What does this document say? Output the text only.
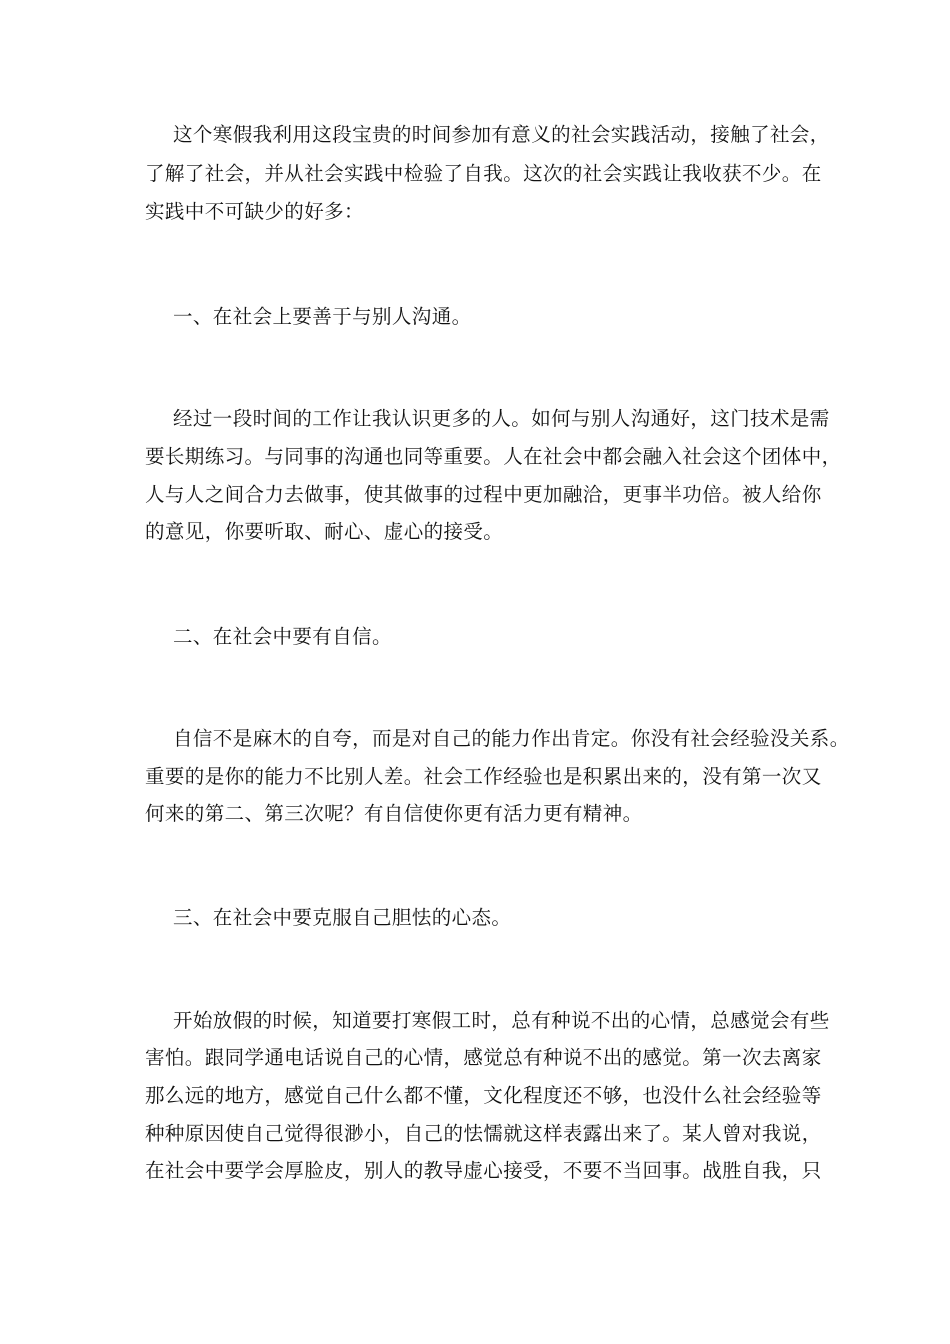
这个寒假我利用这段宝贵的时间参加有意义的社会实践活动，接触了社会，
了解了社会，并从社会实践中检验了自我。这次的社会实践让我收获不少。在
实践中不可缺少的好多：
一、在社会上要善于与别人沟通。
经过一段时间的工作让我认识更多的人。如何与别人沟通好，这门技术是需
要长期练习。与同事的沟通也同等重要。人在社会中都会融入社会这个团体中，
人与人之间合力去做事，使其做事的过程中更加融洽，更事半功倍。被人给你
的意见，你要听取、耐心、虚心的接受。
二、在社会中要有自信。
自信不是麻木的自夸，而是对自己的能力作出肯定。你没有社会经验没关系。
重要的是你的能力不比别人差。社会工作经验也是积累出来的，没有第一次又
何来的第二、第三次呢？有自信使你更有活力更有精神。
三、在社会中要克服自己胆怯的心态。
开始放假的时候，知道要打寒假工时，总有种说不出的心情，总感觉会有些
害怕。跟同学通电话说自己的心情，感觉总有种说不出的感觉。第一次去离家
那么远的地方，感觉自己什么都不懂，文化程度还不够，也没什么社会经验等
种种原因使自己觉得很渺小，自己的怯懦就这样表露出来了。某人曾对我说，
在社会中要学会厚脸皮，别人的教导虚心接受，不要不当回事。战胜自我，只
